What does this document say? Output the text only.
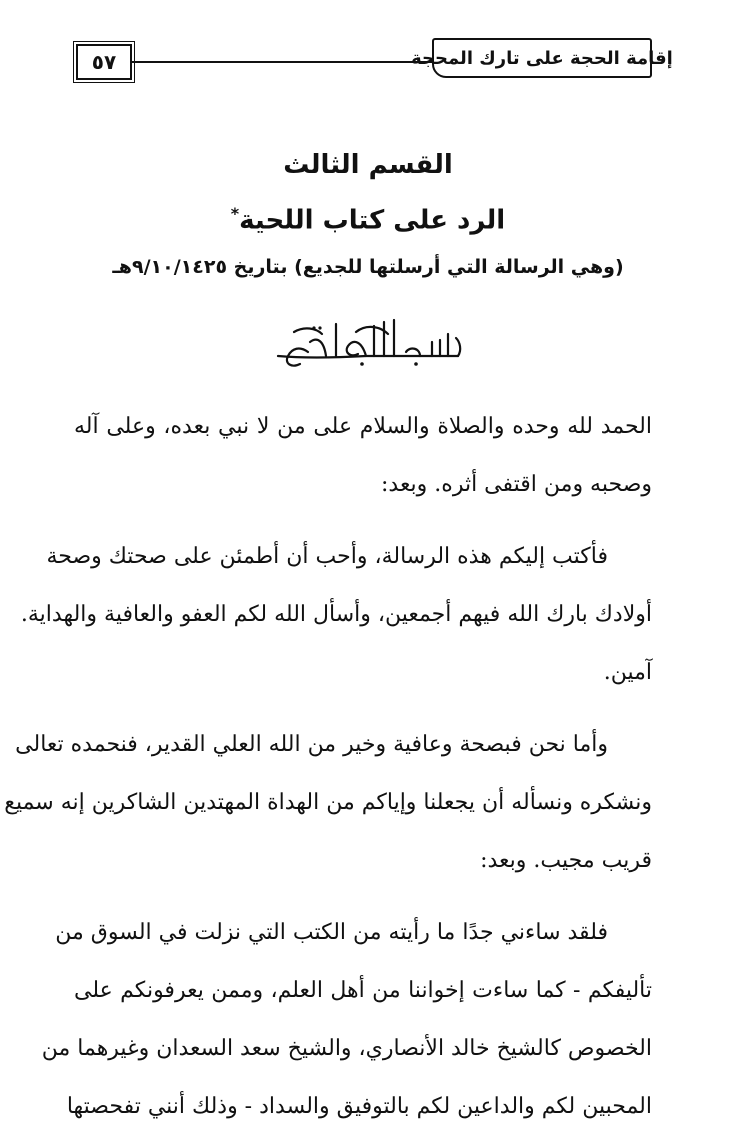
٥٧	إقامة الحجة على تارك المحجة
القسم الثالث
الرد على كتاب اللحية*
(وهي الرسالة التي أرسلتها للجديع) بتاريخ ٩/١٠/١٤٢٥هـ

الحمد لله وحده والصلاة والسلام على من لا نبي بعده، وعلى آله
وصحبه ومن اقتفى أثره. وبعد:

فأكتب إليكم هذه الرسالة، وأحب أن أطمئن على صحتك وصحة
أولادك بارك الله فيهم أجمعين، وأسأل الله لكم العفو والعافية والهداية.
آمين.

وأما نحن فبصحة وعافية وخير من الله العلي القدير، فنحمده تعالى
ونشكره ونسأله أن يجعلنا وإياكم من الهداة المهتدين الشاكرين إنه سميع
قريب مجيب. وبعد:

فلقد ساءني جدًا ما رأيته من الكتب التي نزلت في السوق من
تأليفكم - كما ساءت إخواننا من أهل العلم، وممن يعرفونكم على
الخصوص كالشيخ خالد الأنصاري، والشيخ سعد السعدان وغيرهما من
المحبين لكم والداعين لكم بالتوفيق والسداد - وذلك أنني تفحصتها
